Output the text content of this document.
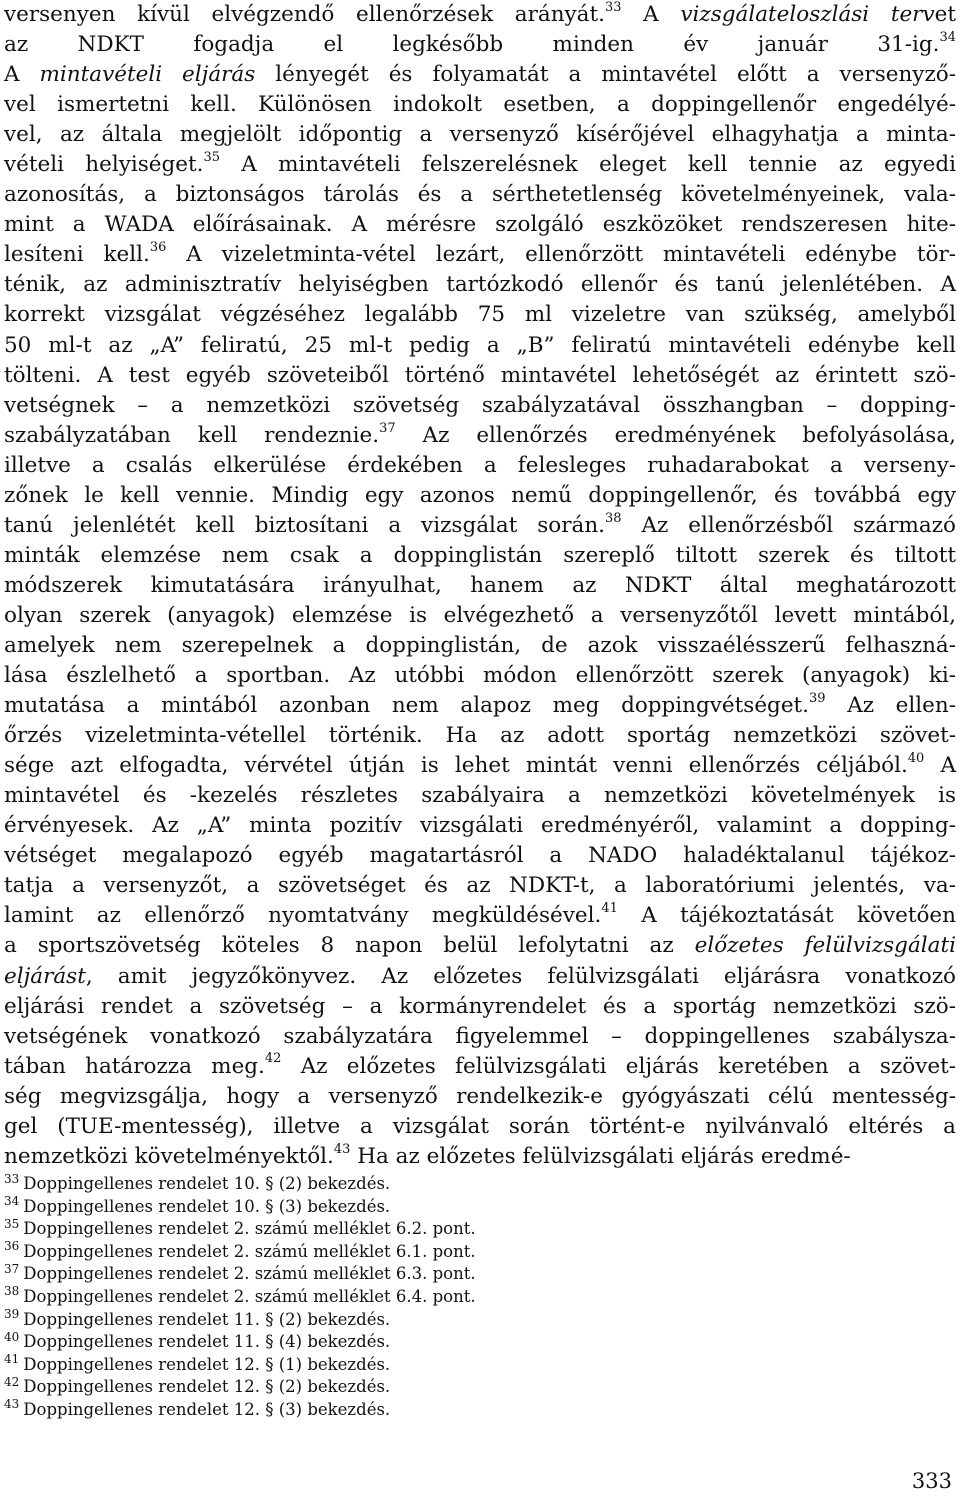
versenyen kívül elvégzendő ellenőrzések arányát.$^{33}$ A vizsgálateloszlási tervet
az NDKT fogadja el legkésőbb minden év január 31-ig.$^{34}$
A mintavételi eljárás lényegét és folyamatát a mintavétel előtt a versenyző-
vel ismertetni kell. Különösen indokolt esetben, a doppingellenőr engedélyé-
vel, az általa megjelölt időpontig a versenyző kísérőjével elhagyhatja a minta-
vételi helyiséget.$^{35}$ A mintavételi felszerelésnek eleget kell tennie az egyedi
azonosítás, a biztonságos tárolás és a sérthetetlenség követelményeinek, vala-
mint a WADA előírásainak. A mérésre szolgáló eszközöket rendszeresen hite-
lesíteni kell.$^{36}$ A vizeletminta-vétel lezárt, ellenőrzött mintavételi edénybe tör-
ténik, az adminisztratív helyiségben tartózkodó ellenőr és tanú jelenlétében. A
korrekt vizsgálat végzéséhez legalább 75 ml vizeletre van szükség, amelyből
50 ml-t az „A” feliratú, 25 ml-t pedig a „B” feliratú mintavételi edénybe kell
tölteni. A test egyéb szöveteiből történő mintavétel lehetőségét az érintett szö-
vetségnek – a nemzetközi szövetség szabályzatával összhangban – dopping-
szabályzatában kell rendeznie.$^{37}$ Az ellenőrzés eredményének befolyásolása,
illetve a csalás elkerülése érdekében a felesleges ruhadarabokat a verseny-
zőnek le kell vennie. Mindig egy azonos nemű doppingellenőr, és továbbá egy
tanú jelenlétét kell biztosítani a vizsgálat során.$^{38}$ Az ellenőrzésből származó
minták elemzése nem csak a doppinglistán szereplő tiltott szerek és tiltott
módszerek kimutatására irányulhat, hanem az NDKT által meghatározott
olyan szerek (anyagok) elemzése is elvégezhető a versenyzőtől levett mintából,
amelyek nem szerepelnek a doppinglistán, de azok visszaélésszerű felhaszná-
lása észlelhető a sportban. Az utóbbi módon ellenőrzött szerek (anyagok) ki-
mutatása a mintából azonban nem alapoz meg doppingvétséget.$^{39}$ Az ellen-
őrzés vizeletminta-vétellel történik. Ha az adott sportág nemzetközi szövet-
sége azt elfogadta, vérvétel útján is lehet mintát venni ellenőrzés céljából.$^{40}$ A
mintavétel és -kezelés részletes szabályaira a nemzetközi követelmények is
érvényesek. Az „A” minta pozitív vizsgálati eredményéről, valamint a dopping-
vétséget megalapozó egyéb magatartásról a NADO haladéktalanul tájékoz-
tatja a versenyzőt, a szövetséget és az NDKT-t, a laboratóriumi jelentés, va-
lamint az ellenőrző nyomtatvány megküldésével.$^{41}$ A tájékoztatását követően
a sportszövetség köteles 8 napon belül lefolytatni az előzetes felülvizsgálati
eljárást, amit jegyzőkönyvez. Az előzetes felülvizsgálati eljárásra vonatkozó
eljárási rendet a szövetség – a kormányrendelet és a sportág nemzetközi szö-
vetségének vonatkozó szabályzatára figyelemmel – doppingellenes szabálysza-
tában határozza meg.$^{42}$ Az előzetes felülvizsgálati eljárás keretében a szövet-
ség megvizsgálja, hogy a versenyző rendelkezik-e gyógyászati célú mentesség-
gel (TUE-mentesség), illetve a vizsgálat során történt-e nyilvánvaló eltérés a
nemzetközi követelményektől.$^{43}$ Ha az előzetes felülvizsgálati eljárás eredmé-
$^{33}$ Doppingellenes rendelet 10. § (2) bekezdés.
$^{34}$ Doppingellenes rendelet 10. § (3) bekezdés.
$^{35}$ Doppingellenes rendelet 2. számú melléklet 6.2. pont.
$^{36}$ Doppingellenes rendelet 2. számú melléklet 6.1. pont.
$^{37}$ Doppingellenes rendelet 2. számú melléklet 6.3. pont.
$^{38}$ Doppingellenes rendelet 2. számú melléklet 6.4. pont.
$^{39}$ Doppingellenes rendelet 11. § (2) bekezdés.
$^{40}$ Doppingellenes rendelet 11. § (4) bekezdés.
$^{41}$ Doppingellenes rendelet 12. § (1) bekezdés.
$^{42}$ Doppingellenes rendelet 12. § (2) bekezdés.
$^{43}$ Doppingellenes rendelet 12. § (3) bekezdés.
333
